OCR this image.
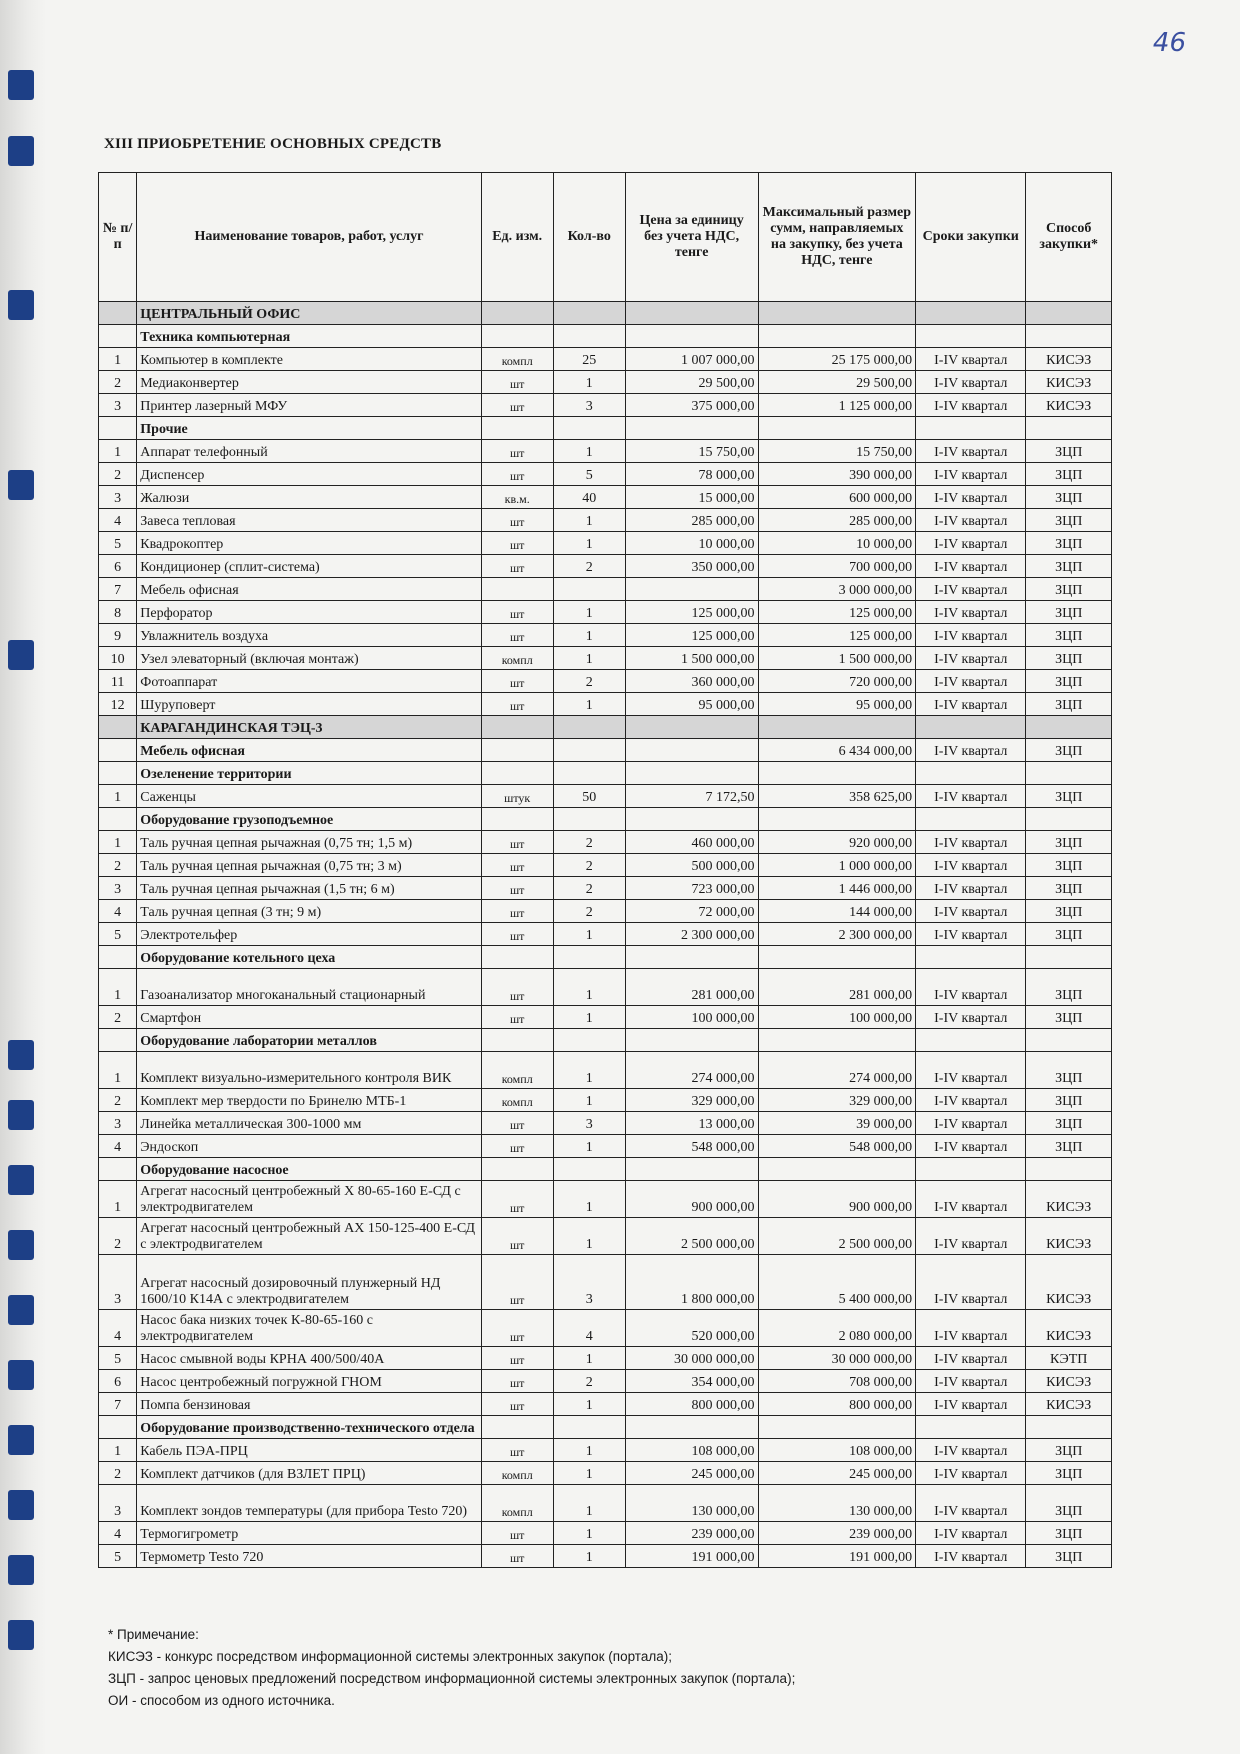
46
XIII ПРИОБРЕТЕНИЕ ОСНОВНЫХ СРЕДСТВ
№ п/п	Наименование товаров, работ, услуг	Ед. изм.	Кол-во	Цена за единицу без учета НДС, тенге	Максимальный размер сумм, направляемых на закупку, без учета НДС, тенге	Сроки закупки	Способ закупки*
	ЦЕНТРАЛЬНЫЙ ОФИС						
	Техника компьютерная						
1	Компьютер в комплекте	компл	25	1 007 000,00	25 175 000,00	I-IV квартал	КИСЭЗ
2	Медиаконвертер	шт	1	29 500,00	29 500,00	I-IV квартал	КИСЭЗ
3	Принтер лазерный МФУ	шт	3	375 000,00	1 125 000,00	I-IV квартал	КИСЭЗ
	Прочие						
1	Аппарат телефонный	шт	1	15 750,00	15 750,00	I-IV квартал	ЗЦП
2	Диспенсер	шт	5	78 000,00	390 000,00	I-IV квартал	ЗЦП
3	Жалюзи	кв.м.	40	15 000,00	600 000,00	I-IV квартал	ЗЦП
4	Завеса тепловая	шт	1	285 000,00	285 000,00	I-IV квартал	ЗЦП
5	Квадрокоптер	шт	1	10 000,00	10 000,00	I-IV квартал	ЗЦП
6	Кондиционер (сплит-система)	шт	2	350 000,00	700 000,00	I-IV квартал	ЗЦП
7	Мебель офисная				3 000 000,00	I-IV квартал	ЗЦП
8	Перфоратор	шт	1	125 000,00	125 000,00	I-IV квартал	ЗЦП
9	Увлажнитель воздуха	шт	1	125 000,00	125 000,00	I-IV квартал	ЗЦП
10	Узел элеваторный (включая монтаж)	компл	1	1 500 000,00	1 500 000,00	I-IV квартал	ЗЦП
11	Фотоаппарат	шт	2	360 000,00	720 000,00	I-IV квартал	ЗЦП
12	Шуруповерт	шт	1	95 000,00	95 000,00	I-IV квартал	ЗЦП
	КАРАГАНДИНСКАЯ ТЭЦ-3						
	Мебель офисная				6 434 000,00	I-IV квартал	ЗЦП
	Озеленение территории						
1	Саженцы	штук	50	7 172,50	358 625,00	I-IV квартал	ЗЦП
	Оборудование грузоподъемное						
1	Таль ручная цепная рычажная (0,75 тн; 1,5 м)	шт	2	460 000,00	920 000,00	I-IV квартал	ЗЦП
2	Таль ручная цепная рычажная (0,75 тн; 3 м)	шт	2	500 000,00	1 000 000,00	I-IV квартал	ЗЦП
3	Таль ручная цепная рычажная (1,5 тн; 6 м)	шт	2	723 000,00	1 446 000,00	I-IV квартал	ЗЦП
4	Таль ручная цепная (3 тн; 9 м)	шт	2	72 000,00	144 000,00	I-IV квартал	ЗЦП
5	Электротельфер	шт	1	2 300 000,00	2 300 000,00	I-IV квартал	ЗЦП
	Оборудование котельного цеха						
1	Газоанализатор многоканальный стационарный	шт	1	281 000,00	281 000,00	I-IV квартал	ЗЦП
2	Смартфон	шт	1	100 000,00	100 000,00	I-IV квартал	ЗЦП
	Оборудование лаборатории металлов						
1	Комплект визуально-измерительного контроля ВИК	компл	1	274 000,00	274 000,00	I-IV квартал	ЗЦП
2	Комплект мер твердости по Бринелю МТБ-1	компл	1	329 000,00	329 000,00	I-IV квартал	ЗЦП
3	Линейка металлическая 300-1000 мм	шт	3	13 000,00	39 000,00	I-IV квартал	ЗЦП
4	Эндоскоп	шт	1	548 000,00	548 000,00	I-IV квартал	ЗЦП
	Оборудование насосное						
1	Агрегат насосный центробежный Х 80-65-160 Е-СД с электродвигателем	шт	1	900 000,00	900 000,00	I-IV квартал	КИСЭЗ
2	Агрегат насосный центробежный АХ 150-125-400 Е-СД с электродвигателем	шт	1	2 500 000,00	2 500 000,00	I-IV квартал	КИСЭЗ
3	Агрегат насосный дозировочный плунжерный НД 1600/10 К14А с электродвигателем	шт	3	1 800 000,00	5 400 000,00	I-IV квартал	КИСЭЗ
4	Насос бака низких точек К-80-65-160 с электродвигателем	шт	4	520 000,00	2 080 000,00	I-IV квартал	КИСЭЗ
5	Насос смывной воды КРНА 400/500/40А	шт	1	30 000 000,00	30 000 000,00	I-IV квартал	КЭТП
6	Насос центробежный погружной ГНОМ	шт	2	354 000,00	708 000,00	I-IV квартал	КИСЭЗ
7	Помпа бензиновая	шт	1	800 000,00	800 000,00	I-IV квартал	КИСЭЗ
	Оборудование производственно-технического отдела						
1	Кабель ПЭА-ПРЦ	шт	1	108 000,00	108 000,00	I-IV квартал	ЗЦП
2	Комплект датчиков (для ВЗЛЕТ ПРЦ)	компл	1	245 000,00	245 000,00	I-IV квартал	ЗЦП
3	Комплект зондов температуры (для прибора Testo 720)	компл	1	130 000,00	130 000,00	I-IV квартал	ЗЦП
4	Термогигрометр	шт	1	239 000,00	239 000,00	I-IV квартал	ЗЦП
5	Термометр Testo 720	шт	1	191 000,00	191 000,00	I-IV квартал	ЗЦП
* Примечание:
КИСЭЗ - конкурс посредством информационной системы электронных закупок (портала);
ЗЦП - запрос ценовых предложений посредством информационной системы электронных закупок (портала);
ОИ - способом из одного источника.
